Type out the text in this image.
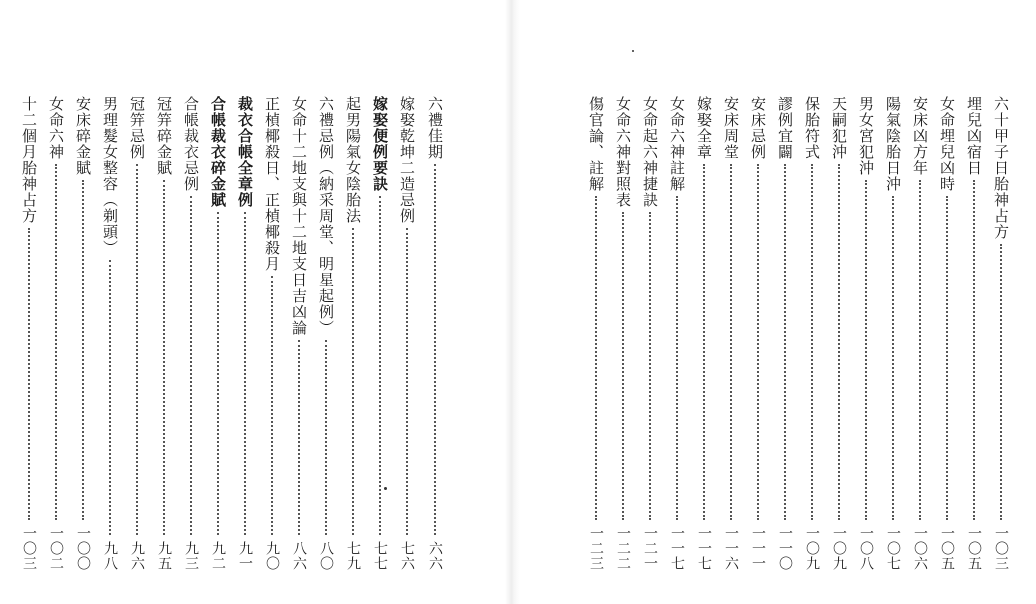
六禮佳期
六六
嫁娶乾坤二造忌例
七六
嫁娶便例要訣
七七
起男陽氣女陰胎法
七九
六禮忌例（納采周堂、明星起例）
八〇
女命十二地支與十二地支日吉凶論
八六
正楨椰殺日、正楨椰殺月
九〇
裁衣合帳全章例
九一
合帳裁衣碎金賦
九二
合帳裁衣忌例
九三
冠笄碎金賦
九五
冠笄忌例
九六
男理髮女整容（剃頭）
九八
安床碎金賦
一〇〇
女命六神
一〇二
十二個月胎神占方
一〇三
六十甲子日胎神占方
一〇三
埋兒凶宿日
一〇五
女命埋兒凶時
一〇五
安床凶方年
一〇六
陽氣陰胎日沖
一〇七
男女宮犯沖
一〇八
天嗣犯沖
一〇九
保胎符式
一〇九
謬例宜闢
一一〇
安床忌例
一一一
安床周堂
一一六
嫁娶全章
一一七
女命六神註解
一一七
女命起六神捷訣
一二一
女命六神對照表
一二二
傷官論、註解
一二三
